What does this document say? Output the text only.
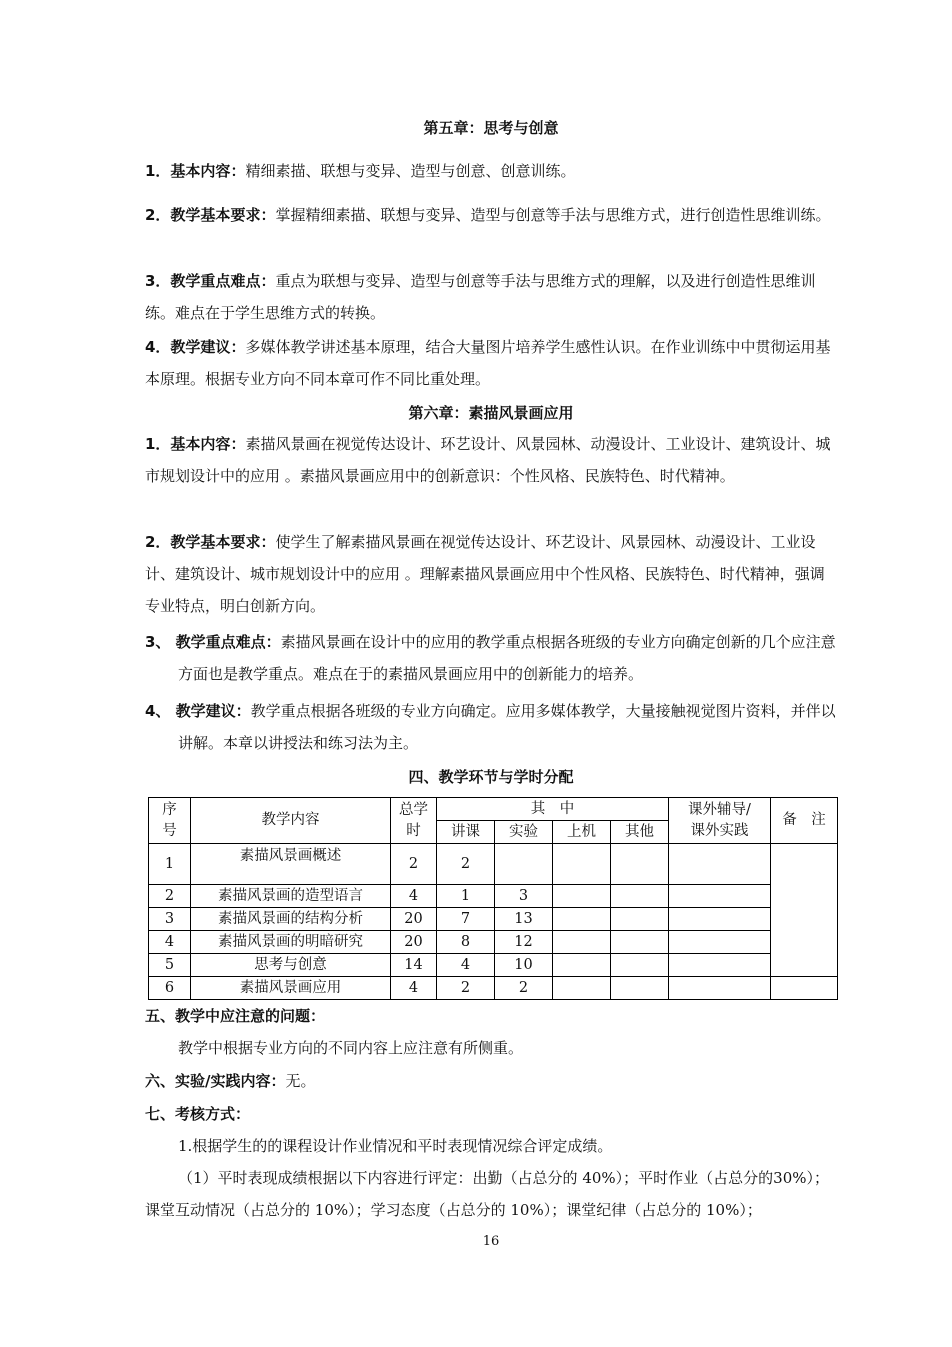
第五章：思考与创意
1．基本内容：精细素描、联想与变异、造型与创意、创意训练。
2．教学基本要求：掌握精细素描、联想与变异、造型与创意等手法与思维方式，进行创造性思维训练。
3．教学重点难点：重点为联想与变异、造型与创意等手法与思维方式的理解，以及进行创造性思维训练。难点在于学生思维方式的转换。
4．教学建议：多媒体教学讲述基本原理，结合大量图片培养学生感性认识。在作业训练中中贯彻运用基本原理。根据专业方向不同本章可作不同比重处理。
第六章：素描风景画应用
1．基本内容：素描风景画在视觉传达设计、环艺设计、风景园林、动漫设计、工业设计、建筑设计、城市规划设计中的应用 。素描风景画应用中的创新意识：个性风格、民族特色、时代精神。
2．教学基本要求：使学生了解素描风景画在视觉传达设计、环艺设计、风景园林、动漫设计、工业设计、建筑设计、城市规划设计中的应用 。理解素描风景画应用中个性风格、民族特色、时代精神，强调专业特点，明白创新方向。
3、 教学重点难点：素描风景画在设计中的应用的教学重点根据各班级的专业方向确定创新的几个应注意方面也是教学重点。难点在于的素描风景画应用中的创新能力的培养。
4、 教学建议：教学重点根据各班级的专业方向确定。应用多媒体教学，大量接触视觉图片资料，并伴以讲解。本章以讲授法和练习法为主。
四、教学环节与学时分配
序号	教学内容	总学时	其　中				课外辅导/课外实践	备　注
			讲课	实验	上机	其他		
1	素描风景画概述	2	2					
2	素描风景画的造型语言	4	1	3				
3	素描风景画的结构分析	20	7	13				
4	素描风景画的明暗研究	20	8	12				
5	思考与创意	14	4	10				
6	素描风景画应用	4	2	2				
五、教学中应注意的问题：
教学中根据专业方向的不同内容上应注意有所侧重。
六、实验/实践内容：无。
七、考核方式：
1.根据学生的的课程设计作业情况和平时表现情况综合评定成绩。
（1）平时表现成绩根据以下内容进行评定：出勤（占总分的 40%）；平时作业（占总分的30%）；课堂互动情况（占总分的 10%）；学习态度（占总分的 10%）；课堂纪律（占总分的 10%）；
16
